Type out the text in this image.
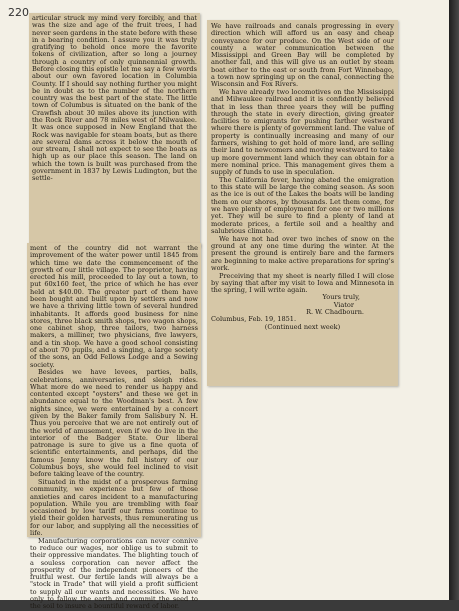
220 articular struck my mind very forcibly, and that was the size and age of the fruit trees, I had never seen gardens in the state before with these in a bearing condition. I assure you it was truly gratifying to behold once more the favorite tokens of civilization, after so long a journey through a country of only quinnennial growth. Before closing this epistle let me say a few words about our own favored location in Columbia County. If I should say nothing further you might be in doubt as to the number of the northern country was the best part of the state. The little town of Columbus is situated on the bank of the Crawfish about 30 miles above its junction with the Rock River and 78 miles west of Milwaukee. It was once supposed in New England that the Rock was navigable for steam boats, but as there are several dams across it below the mouth of our stream, I shall not expect to see the boats as high up as our place this season. The land on which the town is built was purchased from the government in 1837 by Lewis Ludington, but the settle-

ment of the country did not warrant the improvement of the water power until 1845 from which time we date the commencement of the growth of our little village. The proprietor, having erected his mill, proceeded to lay out a town, to put 60x160 feet, the price of which he has ever held at $40.00. The greater part of them have been bought and built upon by settlers and now we have a thriving little town of several hundred inhabitants. It affords good business for nine stores, three black smith shops, two wagon shops, one cabinet shop, three tailors, two harness makers, a milliner, two physicians, five lawyers, and a tin shop. We have a good school consisting of about 70 pupils, and a singing, a large society of the sons, an Odd Fellows Lodge and a Sewing society.

Besides we have levees, parties, balls, celebrations, anniversaries, and sleigh rides. What more do we need to render us happy and contented except "oysters" and these we get in abundance equal to the Woodman's best. A few nights since, we were entertained by a concert given by the Baker family from Salisbury N. H. Thus you perceive that we are not entirely out of the world of amusement, even if we do live in the interior of the Badger State. Our liberal patronage is sure to give us a fine quota of scientific entertainments, and perhaps, did the famous Jenny know the full history of our Columbus boys, she would feel inclined to visit before taking leave of the country.

Situated in the midst of a prosperous farming community, we experience but few of those anxieties and cares incident to a manufacturing population. While you are trembling with fear occasioned by low tariff our farms continue to yield their golden harvests, thus remunerating us for our labor, and supplying all the necessities of life.

Manufacturing corporations can never connive to reduce our wages, nor oblige us to submit to their oppressive mandates. The blighting touch of a souless corporation can never affect the prosperity of the independent pioneers of the fruitful west. Our fertile lands will always be a "stock in Trade" that will yield a profit sufficient to supply all our wants and necessities. We have only to fallow the earth and commit the seed to the soil to insure a bountiful reward of labor.

We have railroads and canals progressing in every direction which will afford us an easy and cheap conveyance for our produce. On the West side of our county a water communication between the Mississippi and Green Bay will be completed by another fall, and this will give us an outlet by steam boat either to the east or south from Fort Winnebago, a town now springing up on the canal, connecting the Wisconsin and Fox Rivers.

We have already two locomotives on the Mississippi and Milwaukee railroad and it is confidently believed that in less than three years they will be puffing through the state in every direction, giving greater facilities to emigrants for pushing farther westward where there is plenty of government land. The value of property is continually increasing and many of our farmers, wishing to get hold of more land, are selling their land to newcomers and moving westward to take up more government land which they can obtain for a mere nominal price. This management gives them a supply of funds to use in speculation.

The California fever, having abated the emigration to this state will be large the coming season. As soon as the ice is out of the Lakes the boats will be landing them on our shores, by thousands. Let them come, for we have plenty of employment for one or two millions yet. They will be sure to find a plenty of land at moderate prices, a fertile soil and a healthy and salubrious climate.

We have not had over two inches of snow on the ground at any one time during the winter. At the present the ground is entirely bare and the farmers are beginning to make active preparations for spring's work.

Preceiving that my sheet is nearly filled I will close by saying that after my visit to Iowa and Minnesota in the spring, I will write again.

Yours truly,
Viator
R. W. Chadbourn.
Columbus, Feb. 19, 1851.
(Continued next week)
